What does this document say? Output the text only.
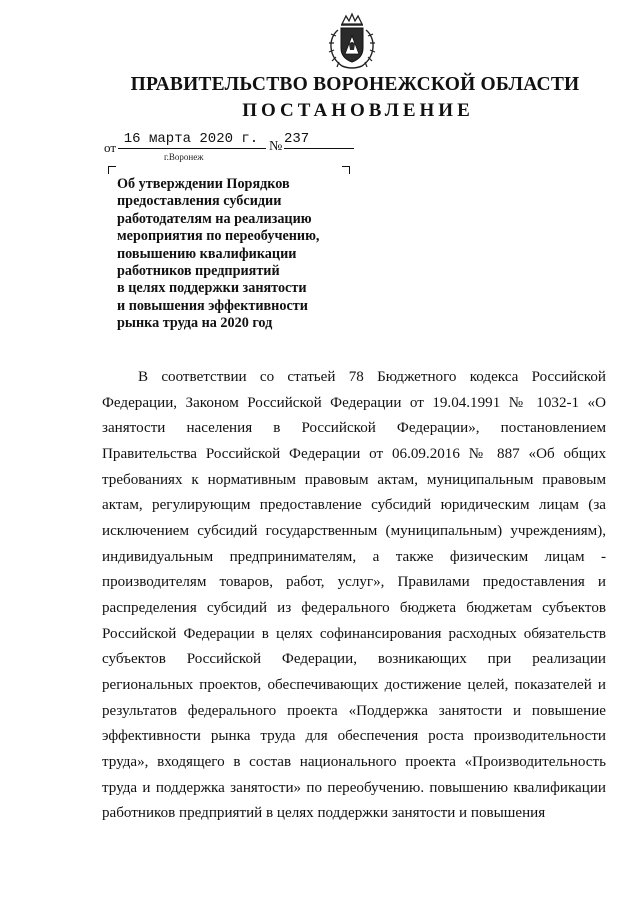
ПРАВИТЕЛЬСТВО ВОРОНЕЖСКОЙ ОБЛАСТИ
ПОСТАНОВЛЕНИЕ
от
16 марта 2020 г. № 237
г.Воронеж

Об утверждении Порядков
предоставления субсидии
работодателям на реализацию
мероприятия по переобучению,
повышению квалификации
работников предприятий
в целях поддержки занятости
и повышения эффективности
рынка труда на 2020 год

В соответствии со статьей 78 Бюджетного кодекса Российской Федерации, Законом Российской Федерации от 19.04.1991 № 1032-1 «О занятости населения в Российской Федерации», постановлением Правительства Российской Федерации от 06.09.2016 № 887 «Об общих требованиях к нормативным правовым актам, муниципальным правовым актам, регулирующим предоставление субсидий юридическим лицам (за исключением субсидий государственным (муниципальным) учреждениям), индивидуальным предпринимателям, а также физическим лицам - производителям товаров, работ, услуг», Правилами предоставления и распределения субсидий из федерального бюджета бюджетам субъектов Российской Федерации в целях софинансирования расходных обязательств субъектов Российской Федерации, возникающих при реализации региональных проектов, обеспечивающих достижение целей, показателей и результатов федерального проекта «Поддержка занятости и повышение эффективности рынка труда для обеспечения роста производительности труда», входящего в состав национального проекта «Производительность труда и поддержка занятости» по переобучению. повышению квалификации работников предприятий в целях поддержки занятости и повышения
